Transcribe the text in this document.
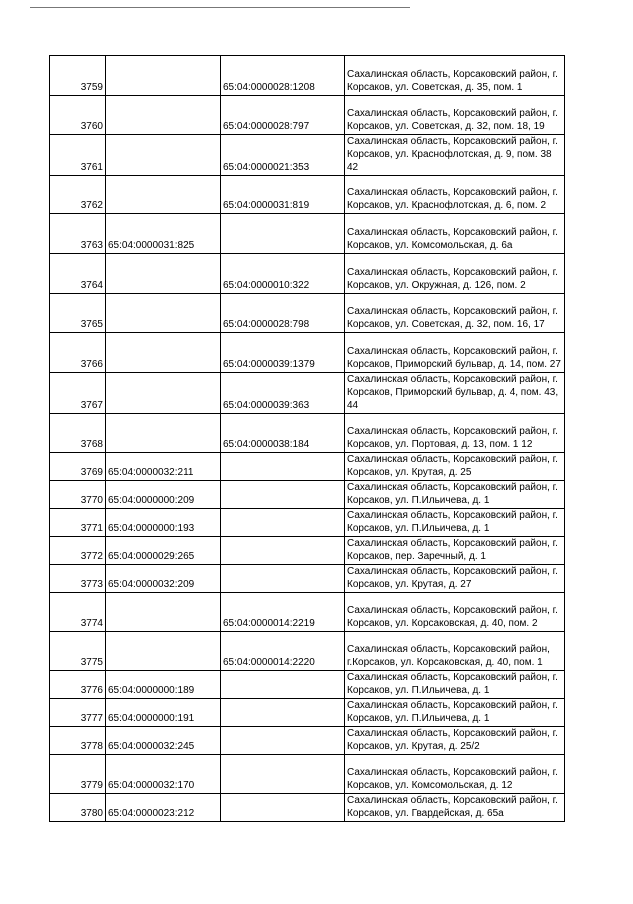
3759		65:04:0000028:1208	Сахалинская область, Корсаковский район, г. Корсаков, ул. Советская, д. 35, пом. 1
3760		65:04:0000028:797	Сахалинская область, Корсаковский район, г. Корсаков, ул. Советская, д. 32, пом. 18, 19
3761		65:04:0000021:353	Сахалинская область, Корсаковский район, г. Корсаков, ул. Краснофлотская, д. 9, пом. 38 42
3762		65:04:0000031:819	Сахалинская область, Корсаковский район, г. Корсаков, ул. Краснофлотская, д. 6, пом. 2
3763	65:04:0000031:825		Сахалинская область, Корсаковский район, г. Корсаков, ул. Комсомольская, д. 6а
3764		65:04:0000010:322	Сахалинская область, Корсаковский район, г. Корсаков, ул. Окружная, д. 126, пом. 2
3765		65:04:0000028:798	Сахалинская область, Корсаковский район, г. Корсаков, ул. Советская, д. 32, пом. 16, 17
3766		65:04:0000039:1379	Сахалинская область, Корсаковский район, г. Корсаков, Приморский бульвар, д. 14, пом. 27
3767		65:04:0000039:363	Сахалинская область, Корсаковский район, г. Корсаков, Приморский бульвар, д. 4, пом. 43, 44
3768		65:04:0000038:184	Сахалинская область, Корсаковский район, г. Корсаков, ул. Портовая, д. 13, пом. 1 12
3769	65:04:0000032:211		Сахалинская область, Корсаковский район, г. Корсаков, ул. Крутая, д. 25
3770	65:04:0000000:209		Сахалинская область, Корсаковский район, г. Корсаков, ул. П.Ильичева, д. 1
3771	65:04:0000000:193		Сахалинская область, Корсаковский район, г. Корсаков, ул. П.Ильичева, д. 1
3772	65:04:0000029:265		Сахалинская область, Корсаковский район, г. Корсаков, пер. Заречный, д. 1
3773	65:04:0000032:209		Сахалинская область, Корсаковский район, г. Корсаков, ул. Крутая, д. 27
3774		65:04:0000014:2219	Сахалинская область, Корсаковский район, г. Корсаков, ул. Корсаковская, д. 40, пом. 2
3775		65:04:0000014:2220	Сахалинская область, Корсаковский район, г.Корсаков, ул. Корсаковская, д. 40, пом. 1
3776	65:04:0000000:189		Сахалинская область, Корсаковский район, г. Корсаков, ул. П.Ильичева, д. 1
3777	65:04:0000000:191		Сахалинская область, Корсаковский район, г. Корсаков, ул. П.Ильичева, д. 1
3778	65:04:0000032:245		Сахалинская область, Корсаковский район, г. Корсаков, ул. Крутая, д. 25/2
3779	65:04:0000032:170		Сахалинская область, Корсаковский район, г. Корсаков, ул. Комсомольская, д. 12
3780	65:04:0000023:212		Сахалинская область, Корсаковский район, г. Корсаков, ул. Гвардейская, д. 65а
